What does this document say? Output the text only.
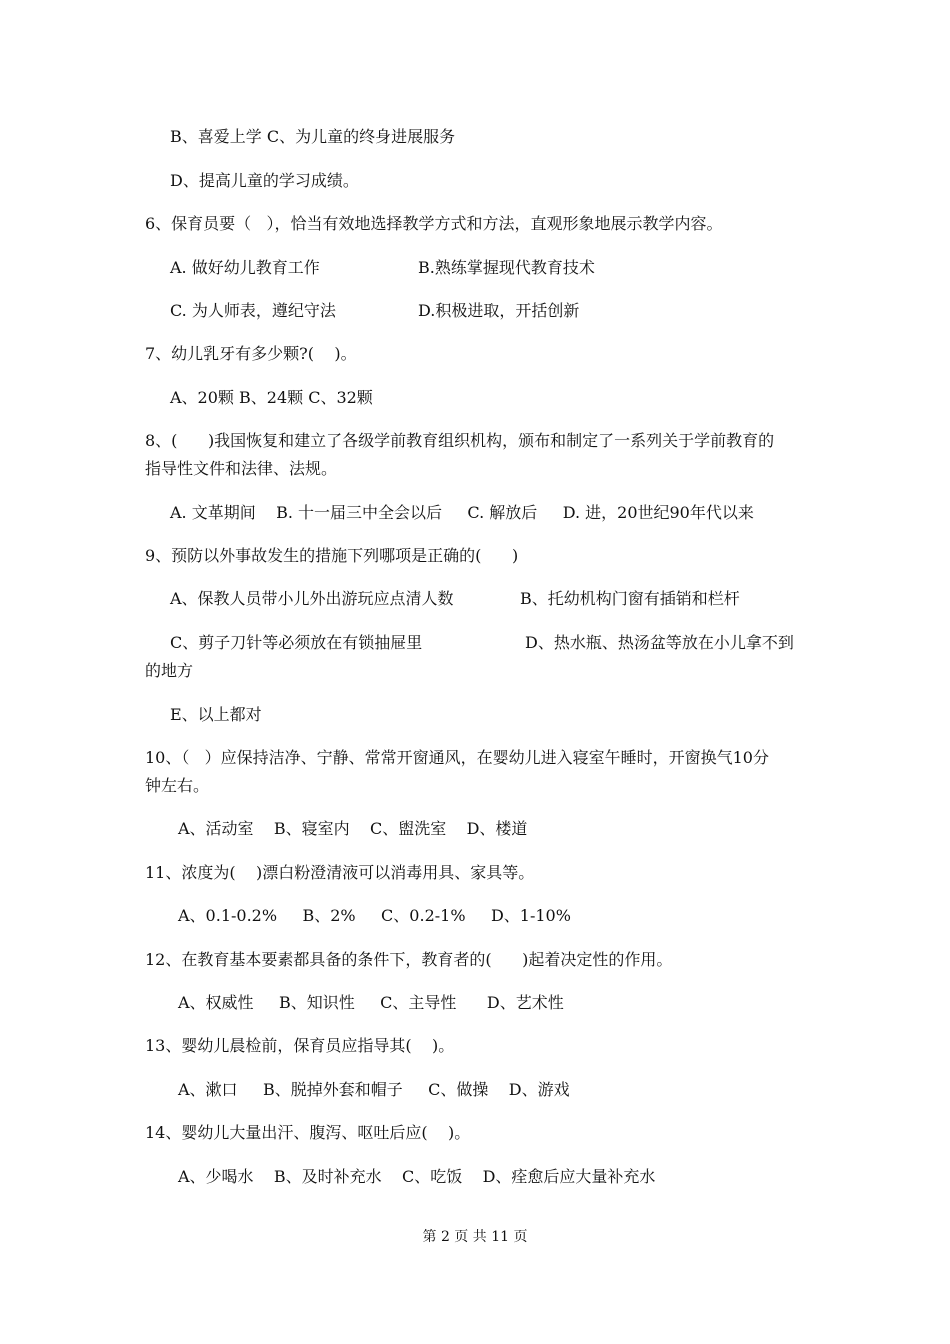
B、喜爱上学 C、为儿童的终身进展服务
D、提高儿童的学习成绩。
6、保育员要（   ），恰当有效地选择教学方式和方法，直观形象地展示教学内容。
A. 做好幼儿教育工作	B.熟练掌握现代教育技术
C. 为人师表，遵纪守法	D.积极进取，开括创新
7、幼儿乳牙有多少颗?(    )。
A、20颗 B、24颗 C、32颗
8、(      )我国恢复和建立了各级学前教育组织机构，颁布和制定了一系列关于学前教育的
指导性文件和法律、法规。
A. 文革期间    B. 十一届三中全会以后     C. 解放后     D. 进，20世纪90年代以来
9、预防以外事故发生的措施下列哪项是正确的(      )
A、保教人员带小儿外出游玩应点清人数	B、托幼机构门窗有插销和栏杆
C、剪子刀针等必须放在有锁抽屉里	D、热水瓶、热汤盆等放在小儿拿不到
的地方
E、以上都对
10、（   ）应保持洁净、宁静、常常开窗通风，在婴幼儿进入寝室午睡时，开窗换气10分
钟左右。
A、活动室    B、寝室内    C、盥洗室    D、楼道
11、浓度为(    )漂白粉澄清液可以消毒用具、家具等。
A、0.1-0.2%     B、2%     C、0.2-1%     D、1-10%
12、在教育基本要素都具备的条件下，教育者的(      )起着决定性的作用。
A、权威性     B、知识性     C、主导性      D、艺术性
13、婴幼儿晨检前，保育员应指导其(    )。
A、漱口     B、脱掉外套和帽子     C、做操    D、游戏
14、婴幼儿大量出汗、腹泻、呕吐后应(    )。
A、少喝水    B、及时补充水    C、吃饭    D、痊愈后应大量补充水
第 2 页 共 11 页
